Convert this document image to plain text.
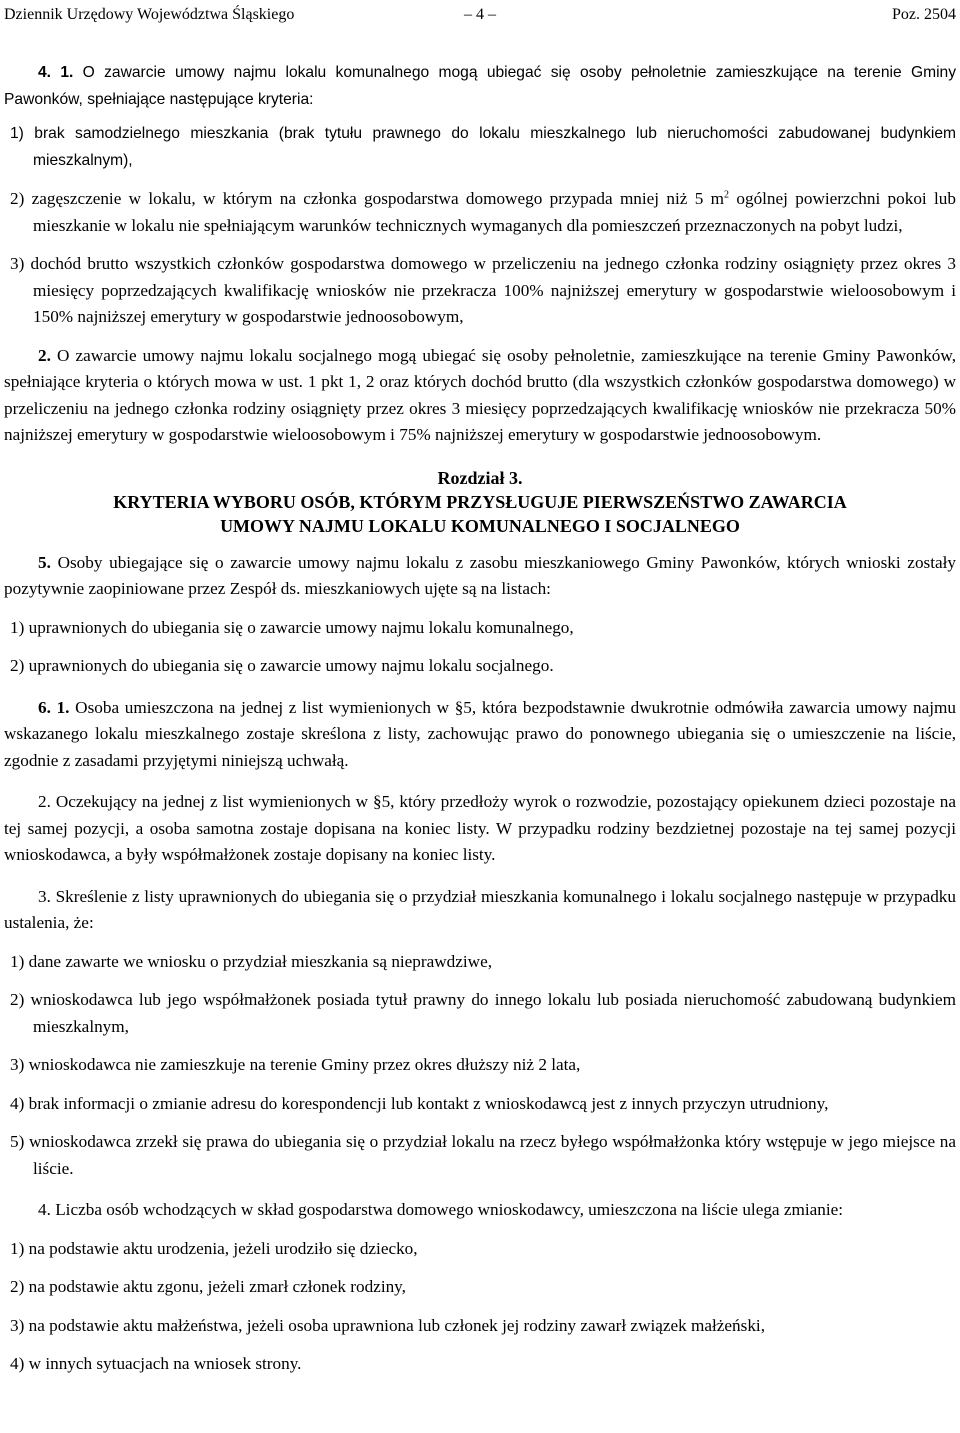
Dziennik Urzędowy Województwa Śląskiego	– 4 –	Poz. 2504

4. 1. O zawarcie umowy najmu lokalu komunalnego mogą ubiegać się osoby pełnoletnie zamieszkujące na terenie Gminy Pawonków, spełniające następujące kryteria:

1) brak samodzielnego mieszkania (brak tytułu prawnego do lokalu mieszkalnego lub nieruchomości zabudowanej budynkiem mieszkalnym),

2) zagęszczenie w lokalu, w którym na członka gospodarstwa domowego przypada mniej niż 5 $m^2$ ogólnej powierzchni pokoi lub mieszkanie w lokalu nie spełniającym warunków technicznych wymaganych dla pomieszczeń przeznaczonych na pobyt ludzi,

3) dochód brutto wszystkich członków gospodarstwa domowego w przeliczeniu na jednego członka rodziny osiągnięty przez okres 3 miesięcy poprzedzających kwalifikację wniosków nie przekracza 100% najniższej emerytury w gospodarstwie wieloosobowym i 150% najniższej emerytury w gospodarstwie jednoosobowym,

2. O zawarcie umowy najmu lokalu socjalnego mogą ubiegać się osoby pełnoletnie, zamieszkujące na terenie Gminy Pawonków, spełniające kryteria o których mowa w ust. 1 pkt 1, 2 oraz których dochód brutto (dla wszystkich członków gospodarstwa domowego) w przeliczeniu na jednego członka rodziny osiągnięty przez okres 3 miesięcy poprzedzających kwalifikację wniosków nie przekracza 50% najniższej emerytury w gospodarstwie wieloosobowym i 75% najniższej emerytury w gospodarstwie jednoosobowym.

Rozdział 3.
KRYTERIA WYBORU OSÓB, KTÓRYM PRZYSŁUGUJE PIERWSZEŃSTWO ZAWARCIA
UMOWY NAJMU LOKALU KOMUNALNEGO I SOCJALNEGO

5. Osoby ubiegające się o zawarcie umowy najmu lokalu z zasobu mieszkaniowego Gminy Pawonków, których wnioski zostały pozytywnie zaopiniowane przez Zespół ds. mieszkaniowych ujęte są na listach:

1) uprawnionych do ubiegania się o zawarcie umowy najmu lokalu komunalnego,

2) uprawnionych do ubiegania się o zawarcie umowy najmu lokalu socjalnego.

6. 1. Osoba umieszczona na jednej z list wymienionych w §5, która bezpodstawnie dwukrotnie odmówiła zawarcia umowy najmu wskazanego lokalu mieszkalnego zostaje skreślona z listy, zachowując prawo do ponownego ubiegania się o umieszczenie na liście, zgodnie z zasadami przyjętymi niniejszą uchwałą.

2. Oczekujący na jednej z list wymienionych w §5, który przedłoży wyrok o rozwodzie, pozostający opiekunem dzieci pozostaje na tej samej pozycji, a osoba samotna zostaje dopisana na koniec listy. W przypadku rodziny bezdzietnej pozostaje na tej samej pozycji wnioskodawca, a były współmałżonek zostaje dopisany na koniec listy.

3. Skreślenie z listy uprawnionych do ubiegania się o przydział mieszkania komunalnego i lokalu socjalnego następuje w przypadku ustalenia, że:

1) dane zawarte we wniosku o przydział mieszkania są nieprawdziwe,

2) wnioskodawca lub jego współmałżonek posiada tytuł prawny do innego lokalu lub posiada nieruchomość zabudowaną budynkiem mieszkalnym,

3) wnioskodawca nie zamieszkuje na terenie Gminy przez okres dłuższy niż 2 lata,

4) brak informacji o zmianie adresu do korespondencji lub kontakt z wnioskodawcą jest z innych przyczyn utrudniony,

5) wnioskodawca zrzekł się prawa do ubiegania się o przydział lokalu na rzecz byłego współmałżonka który wstępuje w jego miejsce na liście.

4. Liczba osób wchodzących w skład gospodarstwa domowego wnioskodawcy, umieszczona na liście ulega zmianie:

1) na podstawie aktu urodzenia, jeżeli urodziło się dziecko,

2) na podstawie aktu zgonu, jeżeli zmarł członek rodziny,

3) na podstawie aktu małżeństwa, jeżeli osoba uprawniona lub członek jej rodziny zawarł związek małżeński,

4) w innych sytuacjach na wniosek strony.
